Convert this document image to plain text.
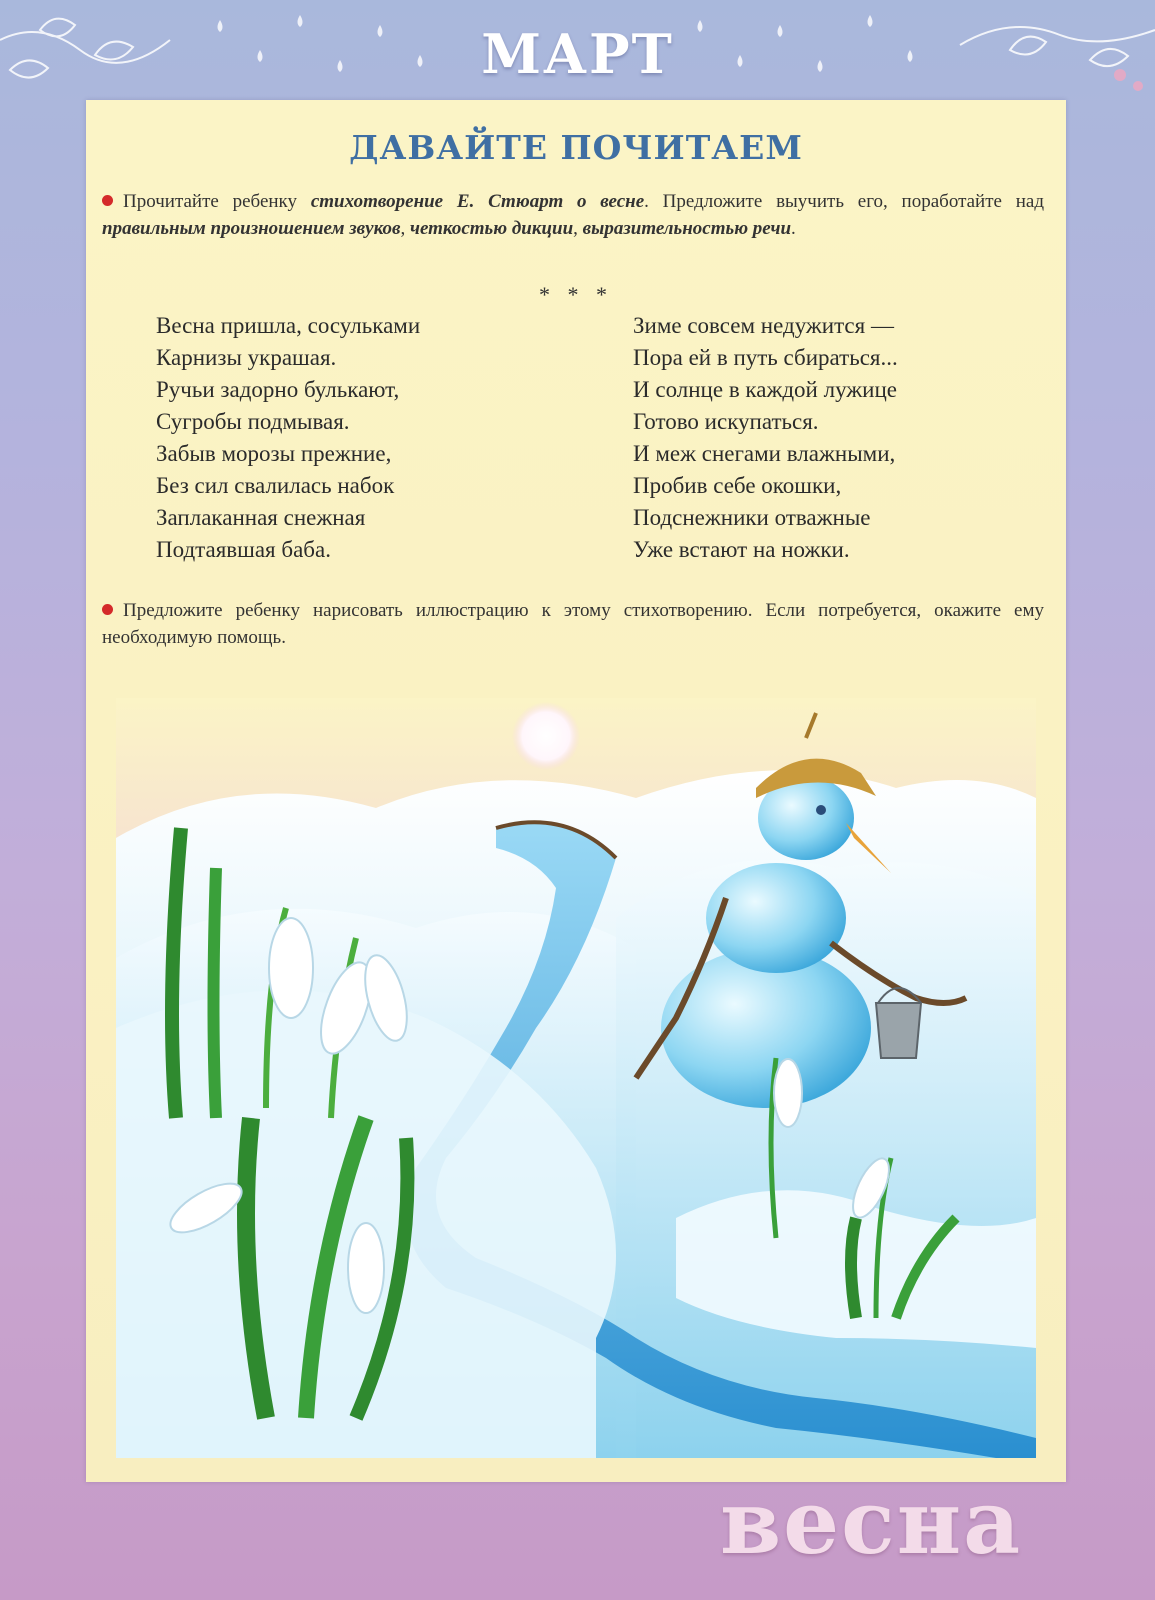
МАРТ
ДАВАЙТЕ ПОЧИТАЕМ
Прочитайте ребенку стихотворение Е. Стюарт о весне. Предложите выучить его, поработайте над правильным произношением звуков, четкостью дикции, выразительностью речи.
* * *
Весна пришла, сосульками
Карнизы украшая.
Ручьи задорно булькают,
Сугробы подмывая.
Забыв морозы прежние,
Без сил свалилась набок
Заплаканная снежная
Подтаявшая баба.
Зиме совсем недужится —
Пора ей в путь сбираться...
И солнце в каждой лужице
Готово искупаться.
И меж снегами влажными,
Пробив себе окошки,
Подснежники отважные
Уже встают на ножки.
Предложите ребенку нарисовать иллюстрацию к этому стихотворению. Если потребуется, окажите ему необходимую помощь.
весна
